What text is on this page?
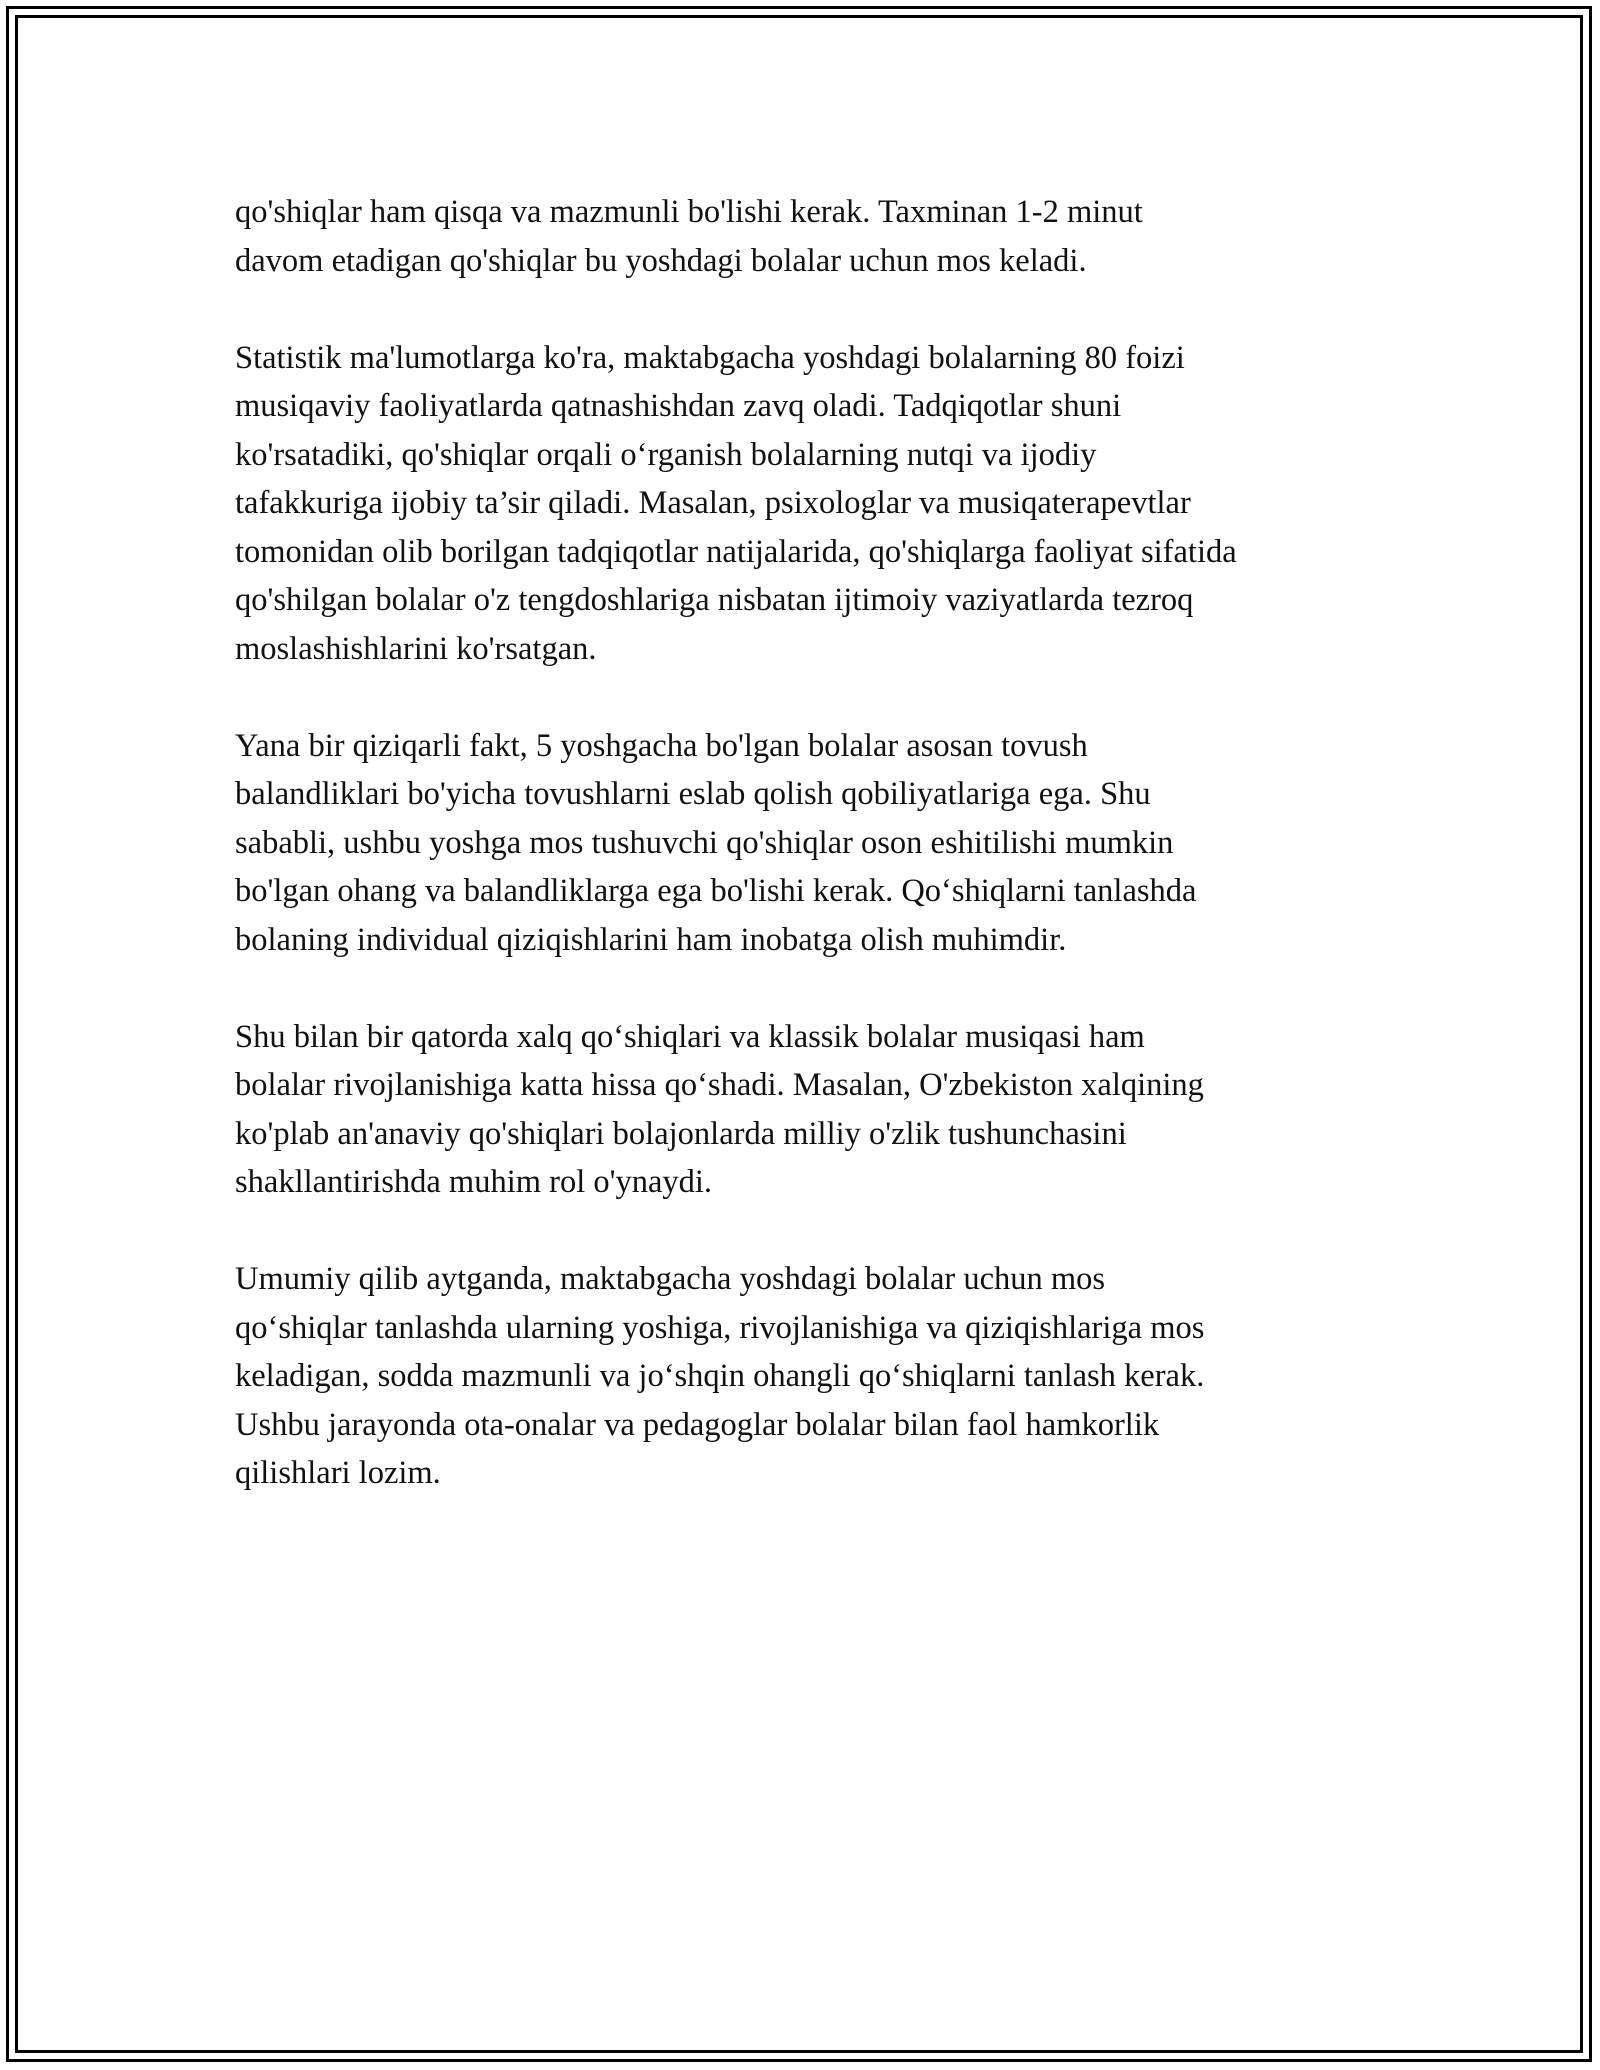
qo'shiqlar ham qisqa va mazmunli bo'lishi kerak. Taxminan 1-2 minut
davom etadigan qo'shiqlar bu yoshdagi bolalar uchun mos keladi.

Statistik ma'lumotlarga ko'ra, maktabgacha yoshdagi bolalarning 80 foizi
musiqaviy faoliyatlarda qatnashishdan zavq oladi. Tadqiqotlar shuni
ko'rsatadiki, qo'shiqlar orqali o‘rganish bolalarning nutqi va ijodiy
tafakkuriga ijobiy ta’sir qiladi. Masalan, psixologlar va musiqaterapevtlar
tomonidan olib borilgan tadqiqotlar natijalarida, qo'shiqlarga faoliyat sifatida
qo'shilgan bolalar o'z tengdoshlariga nisbatan ijtimoiy vaziyatlarda tezroq
moslashishlarini ko'rsatgan.

Yana bir qiziqarli fakt, 5 yoshgacha bo'lgan bolalar asosan tovush
balandliklari bo'yicha tovushlarni eslab qolish qobiliyatlariga ega. Shu
sababli, ushbu yoshga mos tushuvchi qo'shiqlar oson eshitilishi mumkin
bo'lgan ohang va balandliklarga ega bo'lishi kerak. Qo‘shiqlarni tanlashda
bolaning individual qiziqishlarini ham inobatga olish muhimdir.

Shu bilan bir qatorda xalq qo‘shiqlari va klassik bolalar musiqasi ham
bolalar rivojlanishiga katta hissa qo‘shadi. Masalan, O'zbekiston xalqining
ko'plab an'anaviy qo'shiqlari bolajonlarda milliy o'zlik tushunchasini
shakllantirishda muhim rol o'ynaydi.

Umumiy qilib aytganda, maktabgacha yoshdagi bolalar uchun mos
qo‘shiqlar tanlashda ularning yoshiga, rivojlanishiga va qiziqishlariga mos
keladigan, sodda mazmunli va jo‘shqin ohangli qo‘shiqlarni tanlash kerak.
Ushbu jarayonda ota-onalar va pedagoglar bolalar bilan faol hamkorlik
qilishlari lozim.
